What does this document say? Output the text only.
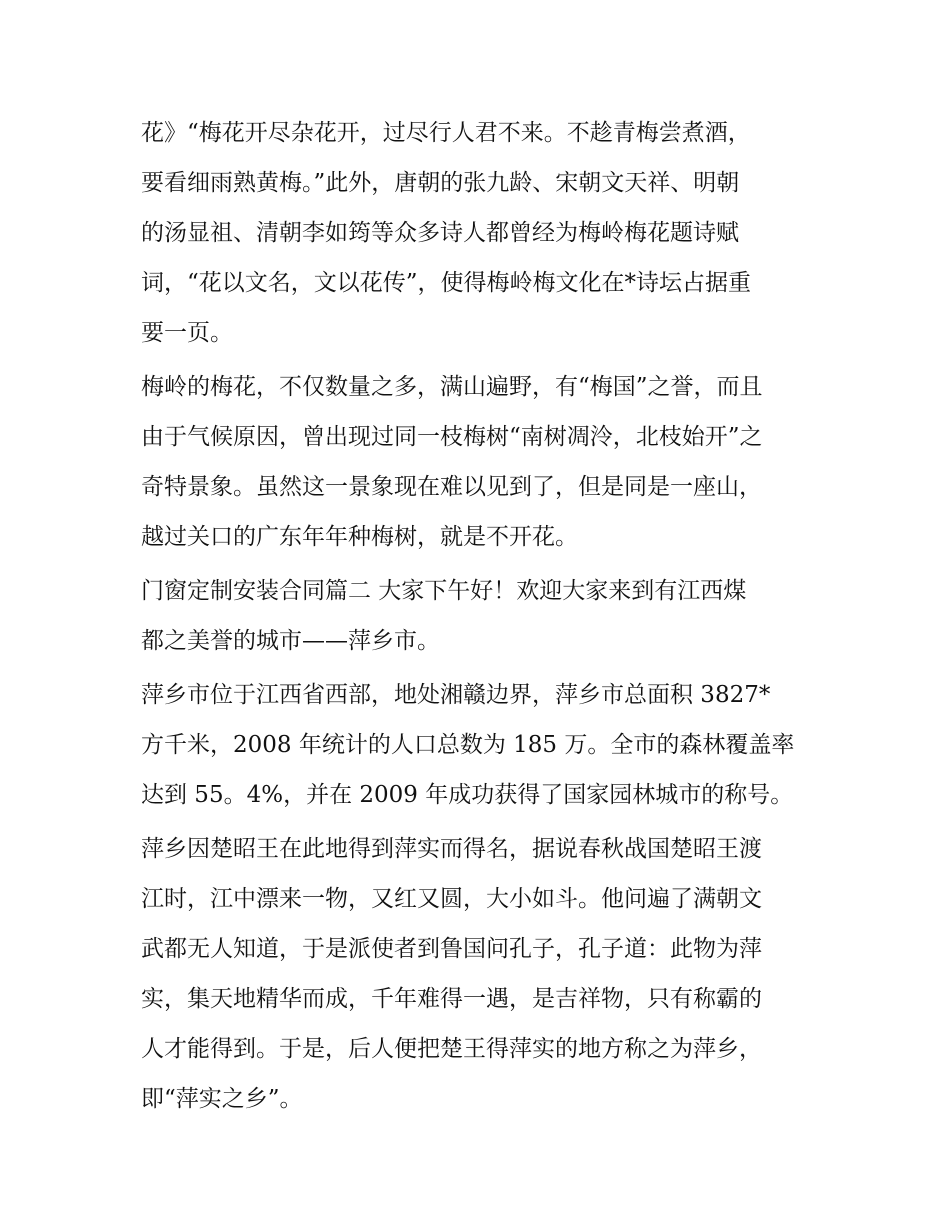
花》“梅花开尽杂花开，过尽行人君不来。不趁青梅尝煮酒，
要看细雨熟黄梅。”此外，唐朝的张九龄、宋朝文天祥、明朝
的汤显祖、清朝李如筠等众多诗人都曾经为梅岭梅花题诗赋
词，“花以文名，文以花传”，使得梅岭梅文化在*诗坛占据重
要一页。
梅岭的梅花，不仅数量之多，满山遍野，有“梅国”之誉，而且
由于气候原因，曾出现过同一枝梅树“南树凋泠，北枝始开”之
奇特景象。虽然这一景象现在难以见到了，但是同是一座山，
越过关口的广东年年种梅树，就是不开花。
门窗定制安装合同篇二 大家下午好！欢迎大家来到有江西煤
都之美誉的城市——萍乡市。
萍乡市位于江西省西部，地处湘赣边界，萍乡市总面积 3827*
方千米，2008 年统计的人口总数为 185 万。全市的森林覆盖率
达到 55。4%，并在 2009 年成功获得了国家园林城市的称号。
萍乡因楚昭王在此地得到萍实而得名，据说春秋战国楚昭王渡
江时，江中漂来一物，又红又圆，大小如斗。他问遍了满朝文
武都无人知道，于是派使者到鲁国问孔子，孔子道：此物为萍
实，集天地精华而成，千年难得一遇，是吉祥物，只有称霸的
人才能得到。于是，后人便把楚王得萍实的地方称之为萍乡，
即“萍实之乡”。
